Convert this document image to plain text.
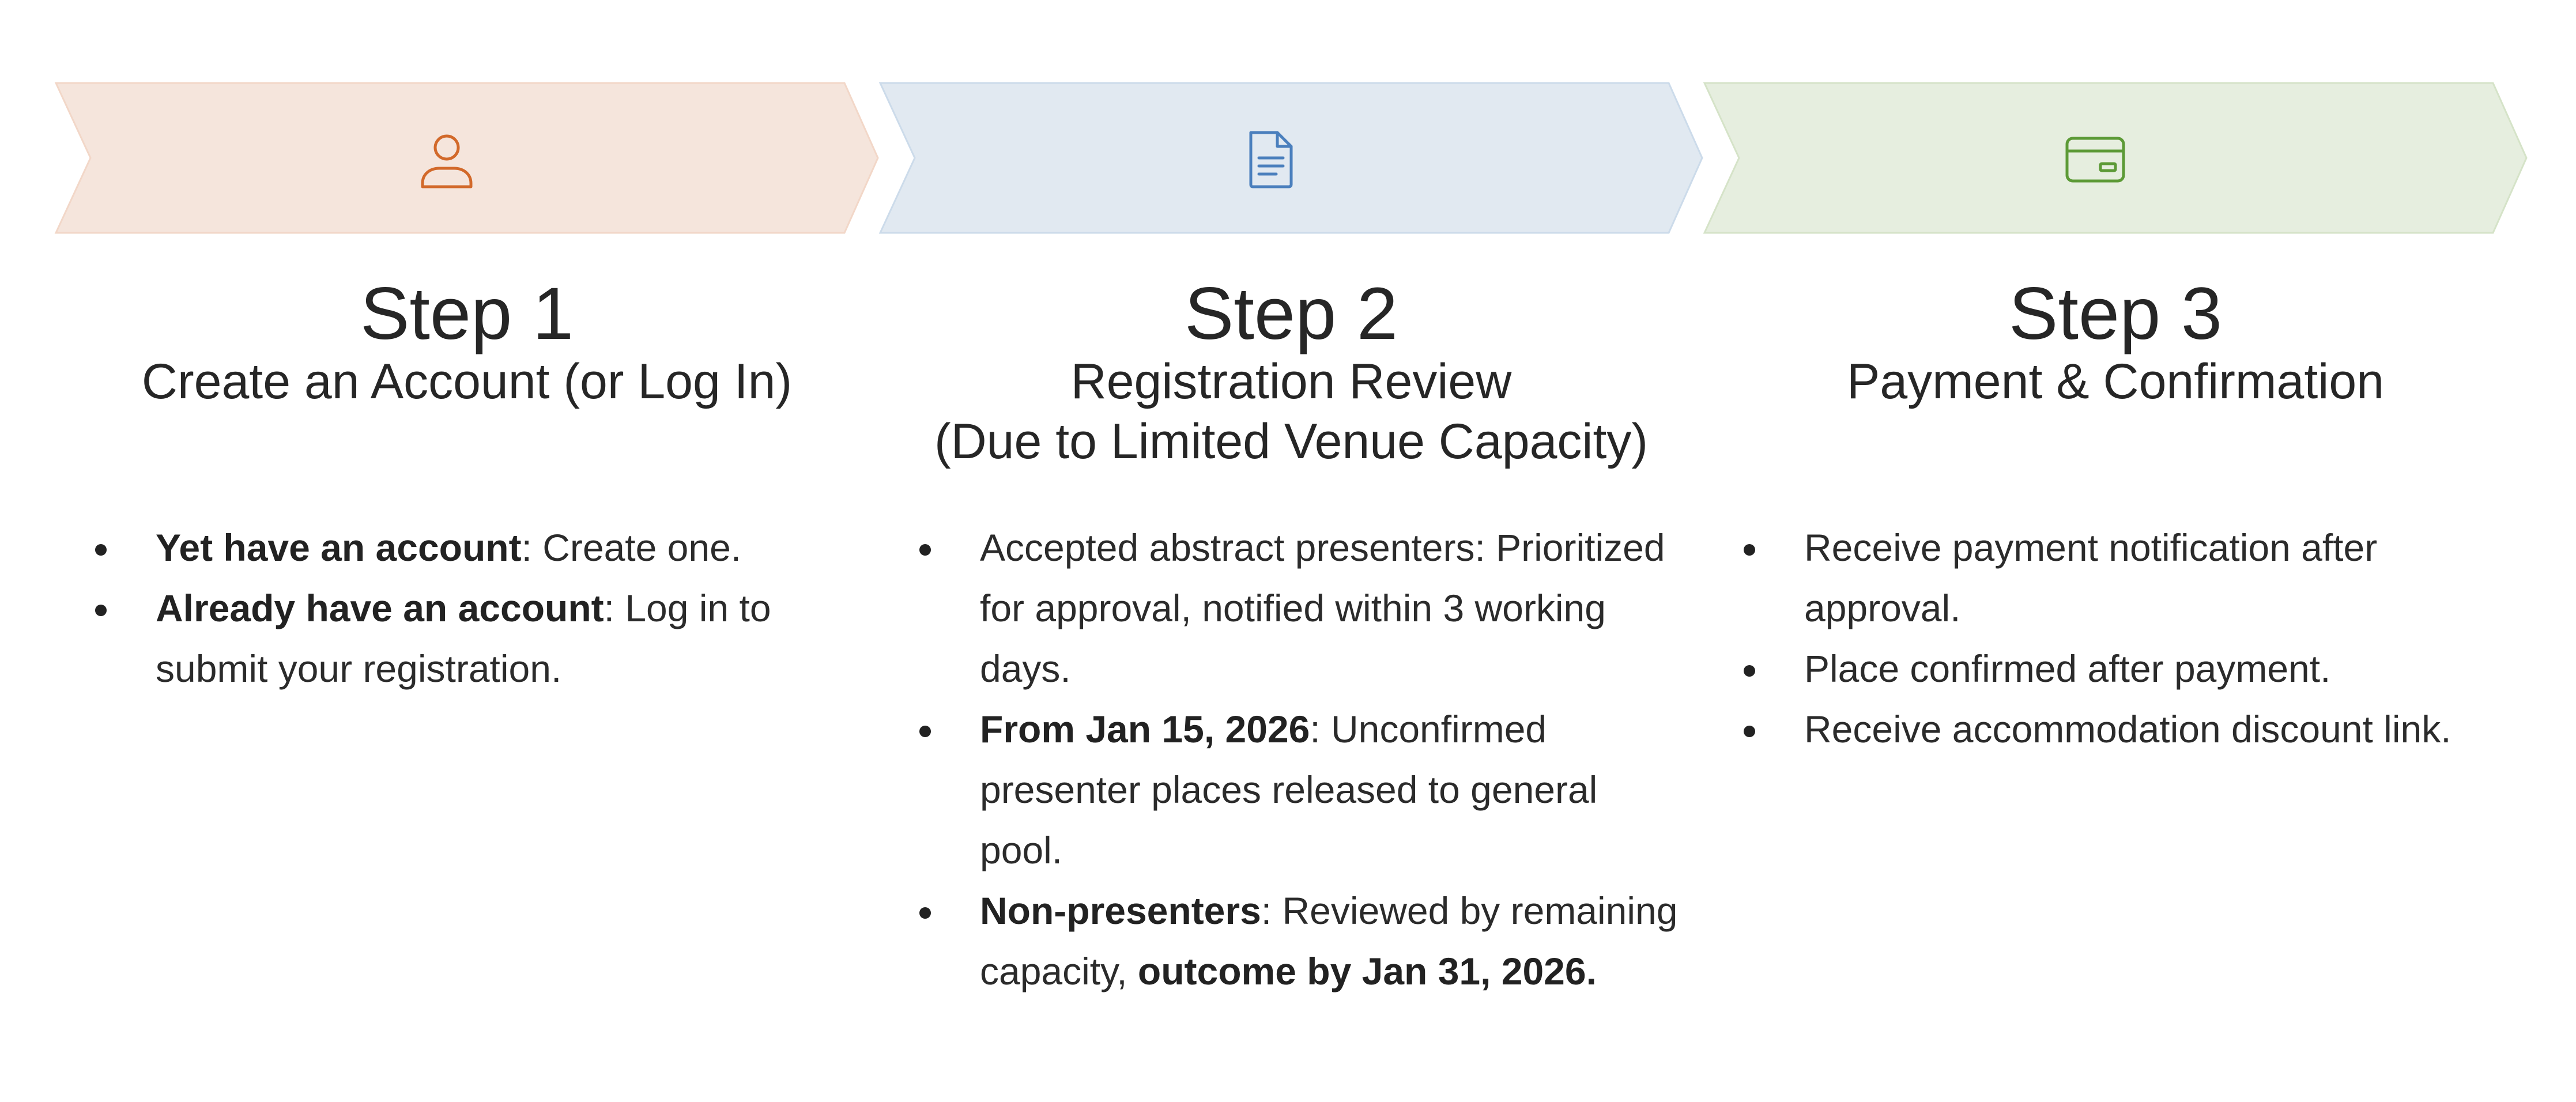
Step 1
Create an Account (or Log In)
Yet have an account: Create one.
Already have an account: Log in to submit your registration.
Step 2
Registration Review
(Due to Limited Venue Capacity)
Accepted abstract presenters: Prioritized for approval, notified within 3 working days.
From Jan 15, 2026: Unconfirmed presenter places released to general pool.
Non-presenters: Reviewed by remaining capacity, outcome by Jan 31, 2026.
Step 3
Payment & Confirmation
Receive payment notification after approval.
Place confirmed after payment.
Receive accommodation discount link.
